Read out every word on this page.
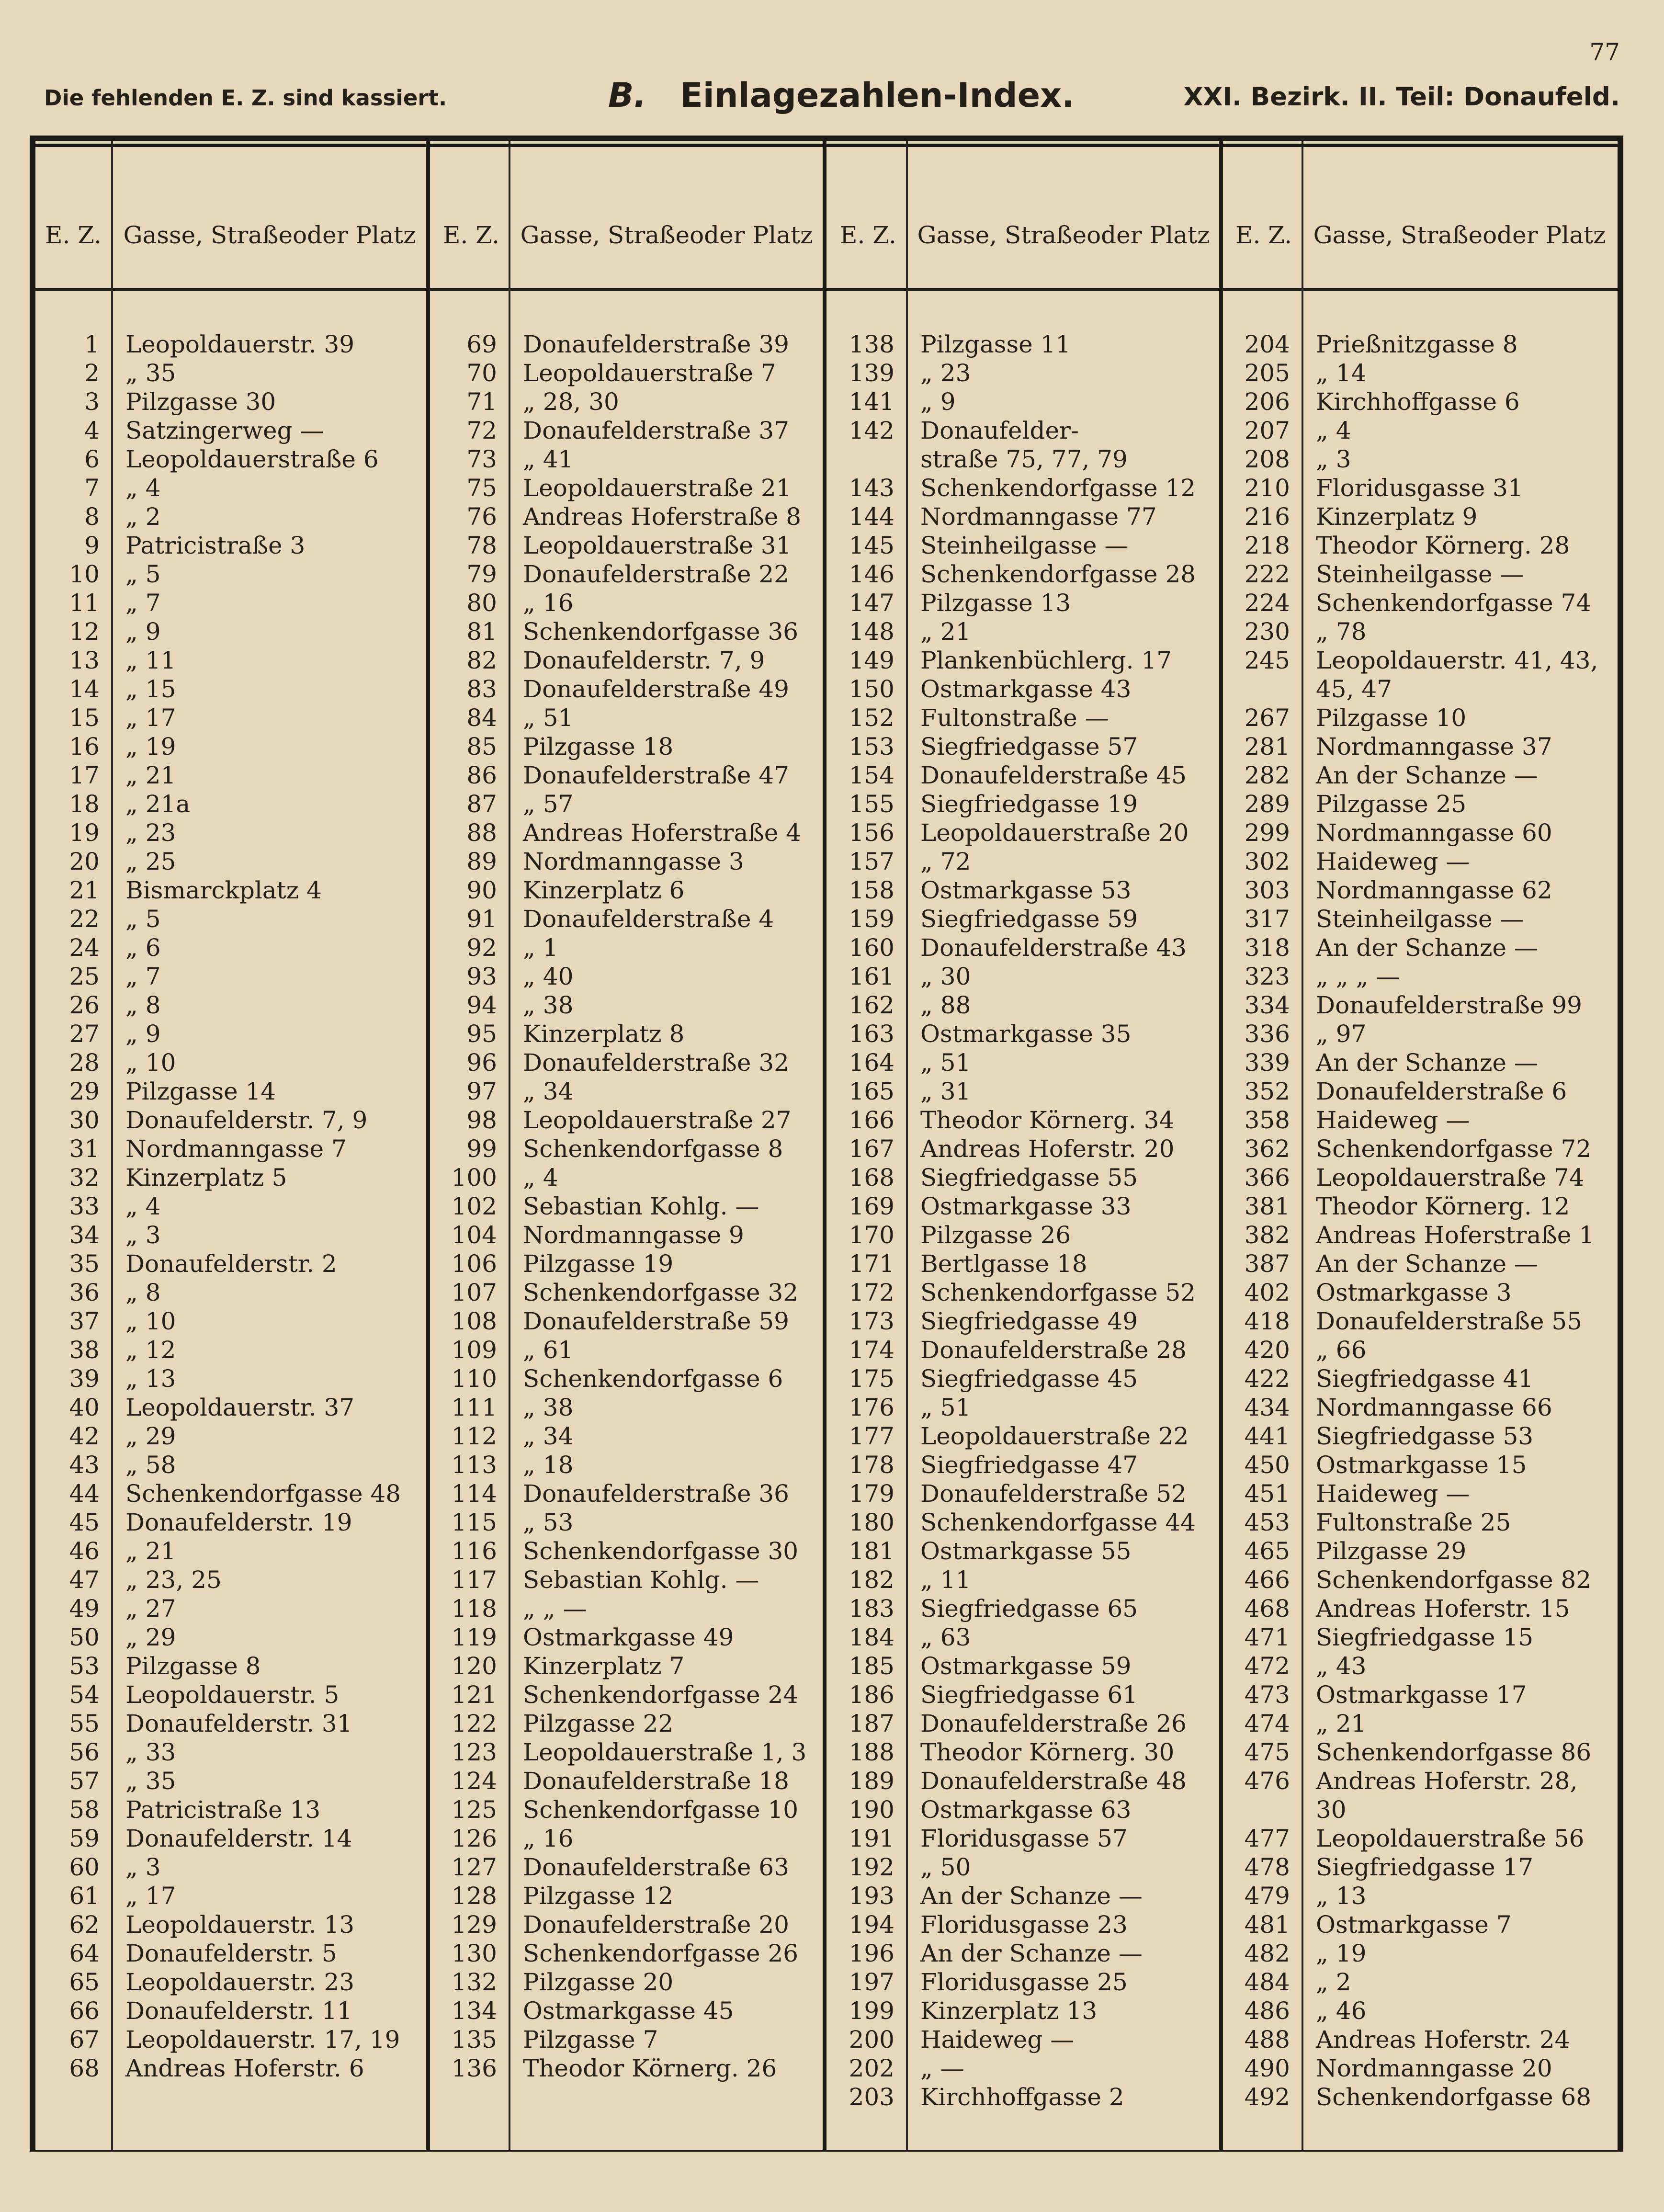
77
Die fehlenden E. Z. sind kassiert.	B. Einlagezahlen-Index.	XXI. Bezirk. II. Teil: Donaufeld.
E. Z. Gasse, Straße oder Platz
1 Leopoldauerstr. 39
2 „ 35
3 Pilzgasse 30
4 Satzingerweg —
6 Leopoldauerstraße 6
7 „ 4
8 „ 2
9 Patricistraße 3
10 „ 5
11 „ 7
12 „ 9
13 „ 11
14 „ 15
15 „ 17
16 „ 19
17 „ 21
18 „ 21a
19 „ 23
20 „ 25
21 Bismarckplatz 4
22 „ 5
24 „ 6
25 „ 7
26 „ 8
27 „ 9
28 „ 10
29 Pilzgasse 14
30 Donaufelderstr. 7, 9
31 Nordmanngasse 7
32 Kinzerplatz 5
33 „ 4
34 „ 3
35 Donaufelderstr. 2
36 „ 8
37 „ 10
38 „ 12
39 „ 13
40 Leopoldauerstr. 37
42 „ 29
43 „ 58
44 Schenkendorfgasse 48
45 Donaufelderstr. 19
46 „ 21
47 „ 23, 25
49 „ 27
50 „ 29
53 Pilzgasse 8
54 Leopoldauerstr. 5
55 Donaufelderstr. 31
56 „ 33
57 „ 35
58 Patricistraße 13
59 Donaufelderstr. 14
60 „ 3
61 „ 17
62 Leopoldauerstr. 13
64 Donaufelderstr. 5
65 Leopoldauerstr. 23
66 Donaufelderstr. 11
67 Leopoldauerstr. 17, 19
68 Andreas Hoferstr. 6
E. Z. Gasse, Straße oder Platz
69 Donaufelderstraße 39
70 Leopoldauerstraße 7
71 „ 28, 30
72 Donaufelderstraße 37
73 „ 41
75 Leopoldauerstraße 21
76 Andreas Hoferstraße 8
78 Leopoldauerstraße 31
79 Donaufelderstraße 22
80 „ 16
81 Schenkendorfgasse 36
82 Donaufelderstr. 7, 9
83 Donaufelderstraße 49
84 „ 51
85 Pilzgasse 18
86 Donaufelderstraße 47
87 „ 57
88 Andreas Hoferstraße 4
89 Nordmanngasse 3
90 Kinzerplatz 6
91 Donaufelderstraße 4
92 „ 1
93 „ 40
94 „ 38
95 Kinzerplatz 8
96 Donaufelderstraße 32
97 „ 34
98 Leopoldauerstraße 27
99 Schenkendorfgasse 8
100 „ 4
102 Sebastian Kohlg. —
104 Nordmanngasse 9
106 Pilzgasse 19
107 Schenkendorfgasse 32
108 Donaufelderstraße 59
109 „ 61
110 Schenkendorfgasse 6
111 „ 38
112 „ 34
113 „ 18
114 Donaufelderstraße 36
115 „ 53
116 Schenkendorfgasse 30
117 Sebastian Kohlg. —
118 „ „ —
119 Ostmarkgasse 49
120 Kinzerplatz 7
121 Schenkendorfgasse 24
122 Pilzgasse 22
123 Leopoldauerstraße 1, 3
124 Donaufelderstraße 18
125 Schenkendorfgasse 10
126 „ 16
127 Donaufelderstraße 63
128 Pilzgasse 12
129 Donaufelderstraße 20
130 Schenkendorfgasse 26
132 Pilzgasse 20
134 Ostmarkgasse 45
135 Pilzgasse 7
136 Theodor Körnerg. 26
E. Z. Gasse, Straße oder Platz
138 Pilzgasse 11
139 „ 23
141 „ 9
142 Donaufelder-
straße 75, 77, 79
143 Schenkendorfgasse 12
144 Nordmanngasse 77
145 Steinheilgasse —
146 Schenkendorfgasse 28
147 Pilzgasse 13
148 „ 21
149 Plankenbüchlerg. 17
150 Ostmarkgasse 43
152 Fultonstraße —
153 Siegfriedgasse 57
154 Donaufelderstraße 45
155 Siegfriedgasse 19
156 Leopoldauerstraße 20
157 „ 72
158 Ostmarkgasse 53
159 Siegfriedgasse 59
160 Donaufelderstraße 43
161 „ 30
162 „ 88
163 Ostmarkgasse 35
164 „ 51
165 „ 31
166 Theodor Körnerg. 34
167 Andreas Hoferstr. 20
168 Siegfriedgasse 55
169 Ostmarkgasse 33
170 Pilzgasse 26
171 Bertlgasse 18
172 Schenkendorfgasse 52
173 Siegfriedgasse 49
174 Donaufelderstraße 28
175 Siegfriedgasse 45
176 „ 51
177 Leopoldauerstraße 22
178 Siegfriedgasse 47
179 Donaufelderstraße 52
180 Schenkendorfgasse 44
181 Ostmarkgasse 55
182 „ 11
183 Siegfriedgasse 65
184 „ 63
185 Ostmarkgasse 59
186 Siegfriedgasse 61
187 Donaufelderstraße 26
188 Theodor Körnerg. 30
189 Donaufelderstraße 48
190 Ostmarkgasse 63
191 Floridusgasse 57
192 „ 50
193 An der Schanze —
194 Floridusgasse 23
196 An der Schanze —
197 Floridusgasse 25
199 Kinzerplatz 13
200 Haideweg —
202 „ —
203 Kirchhoffgasse 2
E. Z. Gasse, Straße oder Platz
204 Prießnitzgasse 8
205 „ 14
206 Kirchhoffgasse 6
207 „ 4
208 „ 3
210 Floridusgasse 31
216 Kinzerplatz 9
218 Theodor Körnerg. 28
222 Steinheilgasse —
224 Schenkendorfgasse 74
230 „ 78
245 Leopoldauerstr. 41, 43,
45, 47
267 Pilzgasse 10
281 Nordmanngasse 37
282 An der Schanze —
289 Pilzgasse 25
299 Nordmanngasse 60
302 Haideweg —
303 Nordmanngasse 62
317 Steinheilgasse —
318 An der Schanze —
323 „ „ „ —
334 Donaufelderstraße 99
336 „ 97
339 An der Schanze —
352 Donaufelderstraße 6
358 Haideweg —
362 Schenkendorfgasse 72
366 Leopoldauerstraße 74
381 Theodor Körnerg. 12
382 Andreas Hoferstraße 1
387 An der Schanze —
402 Ostmarkgasse 3
418 Donaufelderstraße 55
420 „ 66
422 Siegfriedgasse 41
434 Nordmanngasse 66
441 Siegfriedgasse 53
450 Ostmarkgasse 15
451 Haideweg —
453 Fultonstraße 25
465 Pilzgasse 29
466 Schenkendorfgasse 82
468 Andreas Hoferstr. 15
471 Siegfriedgasse 15
472 „ 43
473 Ostmarkgasse 17
474 „ 21
475 Schenkendorfgasse 86
476 Andreas Hoferstr. 28,
30
477 Leopoldauerstraße 56
478 Siegfriedgasse 17
479 „ 13
481 Ostmarkgasse 7
482 „ 19
484 „ 2
486 „ 46
488 Andreas Hoferstr. 24
490 Nordmanngasse 20
492 Schenkendorfgasse 68
